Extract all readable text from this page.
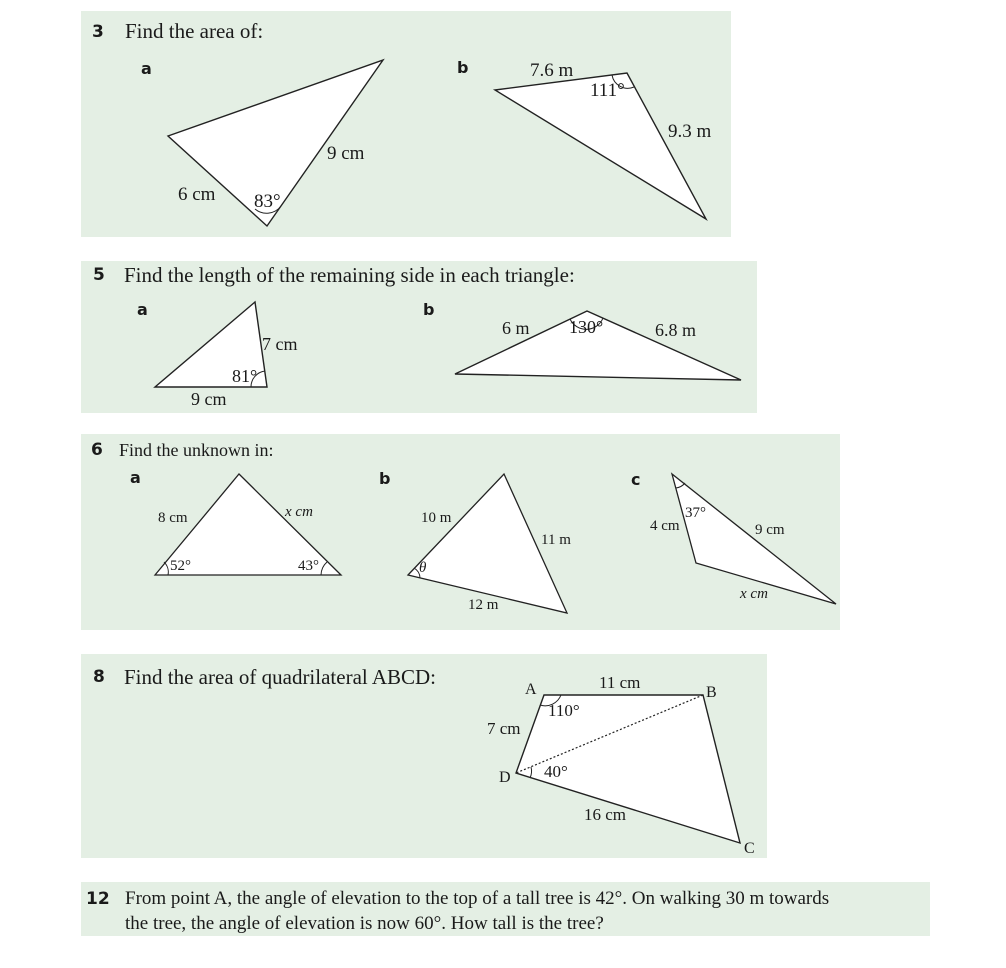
3 Find the area of:
a	b
9 cm
6 cm 83°
7.6 m
9.3 m
111°
5 Find the length of the remaining side in each triangle:
a	b
7 cm
9 cm
81°
6 m	6.8 m
130°
6 Find the unknown in:
a	b	c
8 cm	x cm
52°	43°
10 m
11 m
12 m
θ
4 cm	9 cm
x cm
37°
8 Find the area of quadrilateral ABCD:
A	B
C
D
11 cm
7 cm
16 cm
110°
40°
12 From point A, the angle of elevation to the top of a tall tree is 42°. On walking 30 m towards
the tree, the angle of elevation is now 60°. How tall is the tree?
